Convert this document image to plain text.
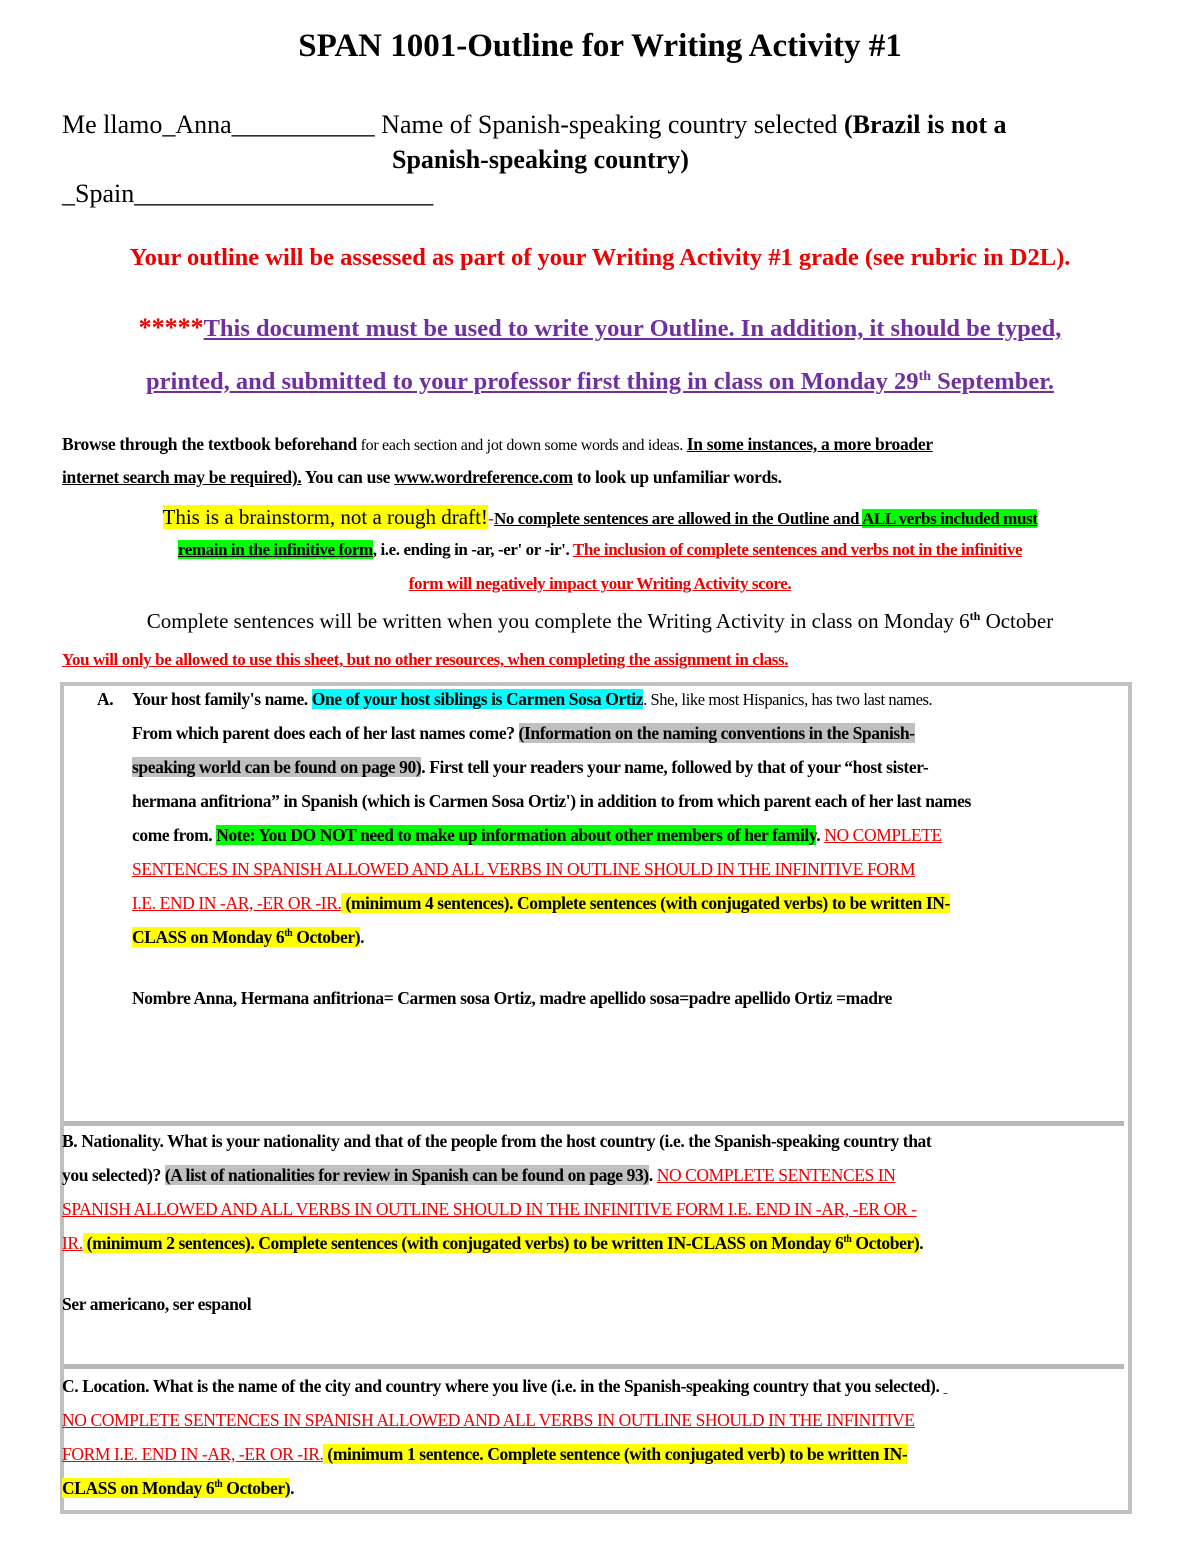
SPAN 1001-Outline for Writing Activity #1
Me llamo_Anna___________ Name of Spanish-speaking country selected (Brazil is not a
Spanish-speaking country)
_Spain_______________________
Your outline will be assessed as part of your Writing Activity #1 grade (see rubric in D2L).
*****This document must be used to write your Outline. In addition, it should be typed,
printed, and submitted to your professor first thing in class on Monday 29th September.
Browse through the textbook beforehand for each section and jot down some words and ideas. In some instances, a more broader
internet search may be required). You can use www.wordreference.com to look up unfamiliar words.
This is a brainstorm, not a rough draft!-No complete sentences are allowed in the Outline and ALL verbs included must
remain in the infinitive form, i.e. ending in -ar, -er' or -ir'. The inclusion of complete sentences and verbs not in the infinitive
form will negatively impact your Writing Activity score.
Complete sentences will be written when you complete the Writing Activity in class on Monday 6th October
You will only be allowed to use this sheet, but no other resources, when completing the assignment in class.
A. Your host family's name. One of your host siblings is Carmen Sosa Ortiz. She, like most Hispanics, has two last names.
From which parent does each of her last names come? (Information on the naming conventions in the Spanish-
speaking world can be found on page 90). First tell your readers your name, followed by that of your “host sister-
hermana anfitriona” in Spanish (which is Carmen Sosa Ortiz') in addition to from which parent each of her last names
come from. Note: You DO NOT need to make up information about other members of her family. NO COMPLETE
SENTENCES IN SPANISH ALLOWED AND ALL VERBS IN OUTLINE SHOULD IN THE INFINITIVE FORM
I.E. END IN -AR, -ER OR -IR. (minimum 4 sentences). Complete sentences (with conjugated verbs) to be written IN-
CLASS on Monday 6th October).
Nombre Anna, Hermana anfitriona= Carmen sosa Ortiz, madre apellido sosa=padre apellido Ortiz =madre
B. Nationality. What is your nationality and that of the people from the host country (i.e. the Spanish-speaking country that
you selected)? (A list of nationalities for review in Spanish can be found on page 93). NO COMPLETE SENTENCES IN
SPANISH ALLOWED AND ALL VERBS IN OUTLINE SHOULD IN THE INFINITIVE FORM I.E. END IN -AR, -ER OR -
IR. (minimum 2 sentences). Complete sentences (with conjugated verbs) to be written IN-CLASS on Monday 6th October).
Ser americano, ser espanol
C. Location. What is the name of the city and country where you live (i.e. in the Spanish-speaking country that you selected).
NO COMPLETE SENTENCES IN SPANISH ALLOWED AND ALL VERBS IN OUTLINE SHOULD IN THE INFINITIVE
FORM I.E. END IN -AR, -ER OR -IR. (minimum 1 sentence. Complete sentence (with conjugated verb) to be written IN-
CLASS on Monday 6th October).
